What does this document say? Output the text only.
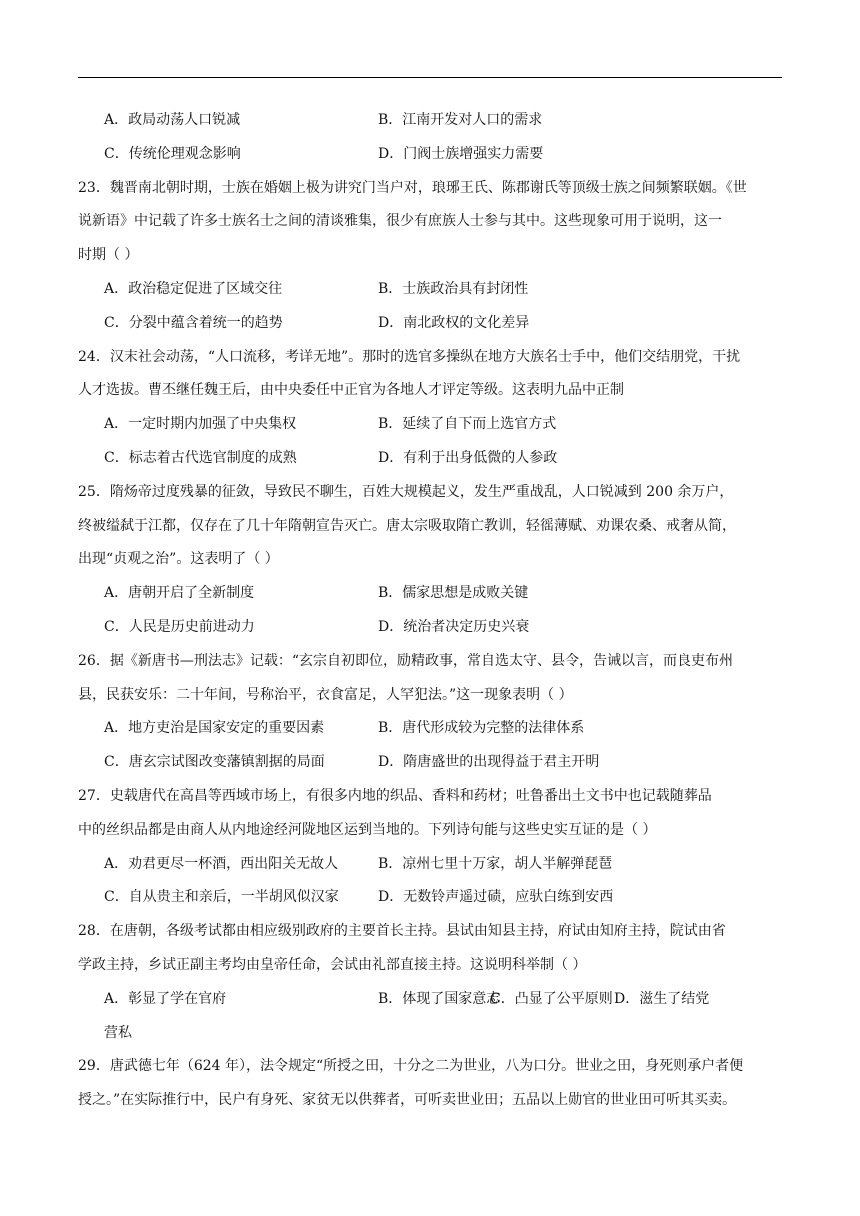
A．政局动荡人口锐减	B．江南开发对人口的需求
C．传统伦理观念影响	D．门阀士族增强实力需要
23．魏晋南北朝时期，士族在婚姻上极为讲究门当户对，琅琊王氏、陈郡谢氏等顶级士族之间频繁联姻。《世
说新语》中记载了许多士族名士之间的清谈雅集，很少有庶族人士参与其中。这些现象可用于说明，这一
时期（ ）
A．政治稳定促进了区域交往	B．士族政治具有封闭性
C．分裂中蕴含着统一的趋势	D．南北政权的文化差异
24．汉末社会动荡，“人口流移，考详无地”。那时的选官多操纵在地方大族名士手中，他们交结朋党，干扰
人才选拔。曹丕继任魏王后，由中央委任中正官为各地人才评定等级。这表明九品中正制
A．一定时期内加强了中央集权	B．延续了自下而上选官方式
C．标志着古代选官制度的成熟	D．有利于出身低微的人参政
25．隋炀帝过度残暴的征敛，导致民不聊生，百姓大规模起义，发生严重战乱，人口锐减到 200 余万户，
终被缢弑于江都，仅存在了几十年隋朝宣告灭亡。唐太宗吸取隋亡教训，轻徭薄赋、劝课农桑、戒奢从简，
出现“贞观之治”。这表明了（ ）
A．唐朝开启了全新制度	B．儒家思想是成败关键
C．人民是历史前进动力	D．统治者决定历史兴衰
26．据《新唐书—刑法志》记载：“玄宗自初即位，励精政事，常自选太守、县令，告诫以言，而良吏布州
县，民获安乐：二十年间，号称治平，衣食富足，人罕犯法。”这一现象表明（ ）
A．地方吏治是国家安定的重要因素	B．唐代形成较为完整的法律体系
C．唐玄宗试图改变藩镇割据的局面	D．隋唐盛世的出现得益于君主开明
27．史载唐代在高昌等西域市场上，有很多内地的织品、香料和药材；吐鲁番出土文书中也记载随葬品
中的丝织品都是由商人从内地途经河陇地区运到当地的。下列诗句能与这些史实互证的是（ ）
A．劝君更尽一杯酒，西出阳关无故人	B．凉州七里十万家，胡人半解弹琵琶
C．自从贵主和亲后，一半胡风似汉家	D．无数铃声遥过碛，应驮白练到安西
28．在唐朝，各级考试都由相应级别政府的主要首长主持。县试由知县主持，府试由知府主持，院试由省
学政主持，乡试正副主考均由皇帝任命，会试由礼部直接主持。这说明科举制（ ）
A．彰显了学在官府	B．体现了国家意志
C．凸显了公平原则 D．滋生了结党
营私
29．唐武德七年（624 年），法令规定“所授之田，十分之二为世业，八为口分。世业之田，身死则承户者便
授之。”在实际推行中，民户有身死、家贫无以供葬者，可听卖世业田；五品以上勋官的世业田可听其买卖。
